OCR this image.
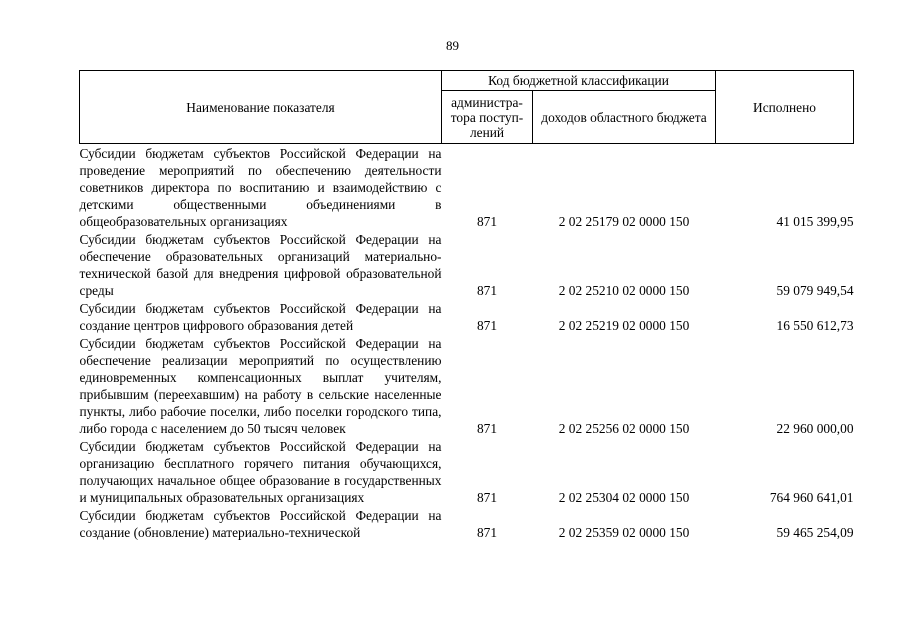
89
Наименование показателя	Код бюджетной классификации		Исполнено
	администра-тора поступ-лений	доходов областного бюджета	
Субсидии бюджетам субъектов Российской Федерации на проведение мероприятий по обеспечению деятельности советников директора по воспитанию и взаимодействию с детскими общественными объединениями в общеобразовательных организациях	871	2 02 25179 02 0000 150	41 015 399,95
Субсидии бюджетам субъектов Российской Федерации на обеспечение образовательных организаций материально-технической базой для внедрения цифровой образовательной среды	871	2 02 25210 02 0000 150	59 079 949,54
Субсидии бюджетам субъектов Российской Федерации на создание центров цифрового образования детей	871	2 02 25219 02 0000 150	16 550 612,73
Субсидии бюджетам субъектов Российской Федерации на обеспечение реализации мероприятий по осуществлению единовременных компенсационных выплат учителям, прибывшим (переехавшим) на работу в сельские населенные пункты, либо рабочие поселки, либо поселки городского типа, либо города с населением до 50 тысяч человек	871	2 02 25256 02 0000 150	22 960 000,00
Субсидии бюджетам субъектов Российской Федерации на организацию бесплатного горячего питания обучающихся, получающих начальное общее образование в государственных и муниципальных образовательных организациях	871	2 02 25304 02 0000 150	764 960 641,01
Субсидии бюджетам субъектов Российской Федерации на создание (обновление) материально-технической	871	2 02 25359 02 0000 150	59 465 254,09
